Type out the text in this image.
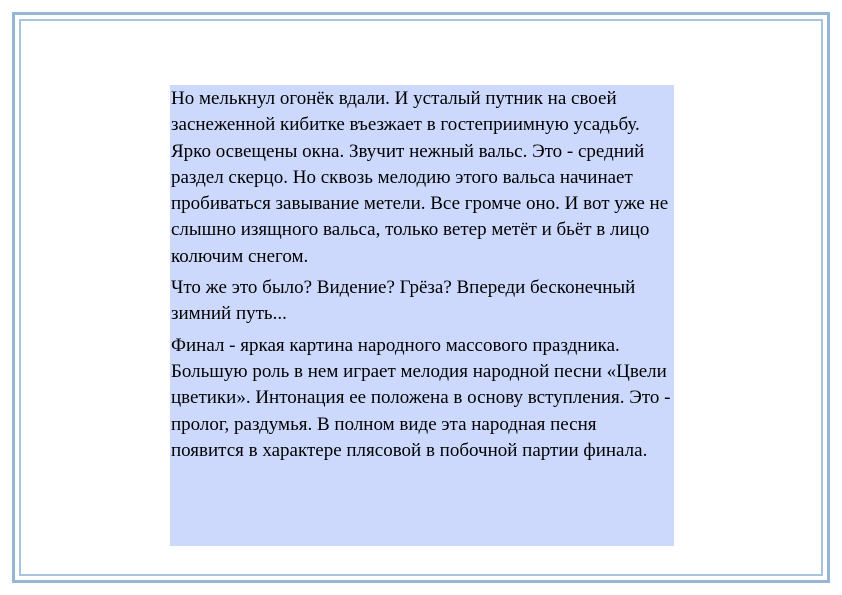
Но мелькнул огонёк вдали. И усталый путник на своей заснеженной кибитке въезжает в гостеприимную усадьбу. Ярко освещены окна. Звучит нежный вальс. Это - средний раздел скерцо. Но сквозь мелодию этого вальса начинает пробиваться завывание метели. Все громче оно. И вот уже не слышно изящного вальса, только ветер метёт и бьёт в лицо колючим снегом.

Что же это было? Видение? Грёза? Впереди бесконечный зимний путь...

Финал - яркая картина народного массового праздника. Большую роль в нем играет мелодия народной песни «Цвели цветики». Интонация ее положена в основу вступления. Это - пролог, раздумья. В полном виде эта народная песня появится в характере плясовой в побочной партии финала.
